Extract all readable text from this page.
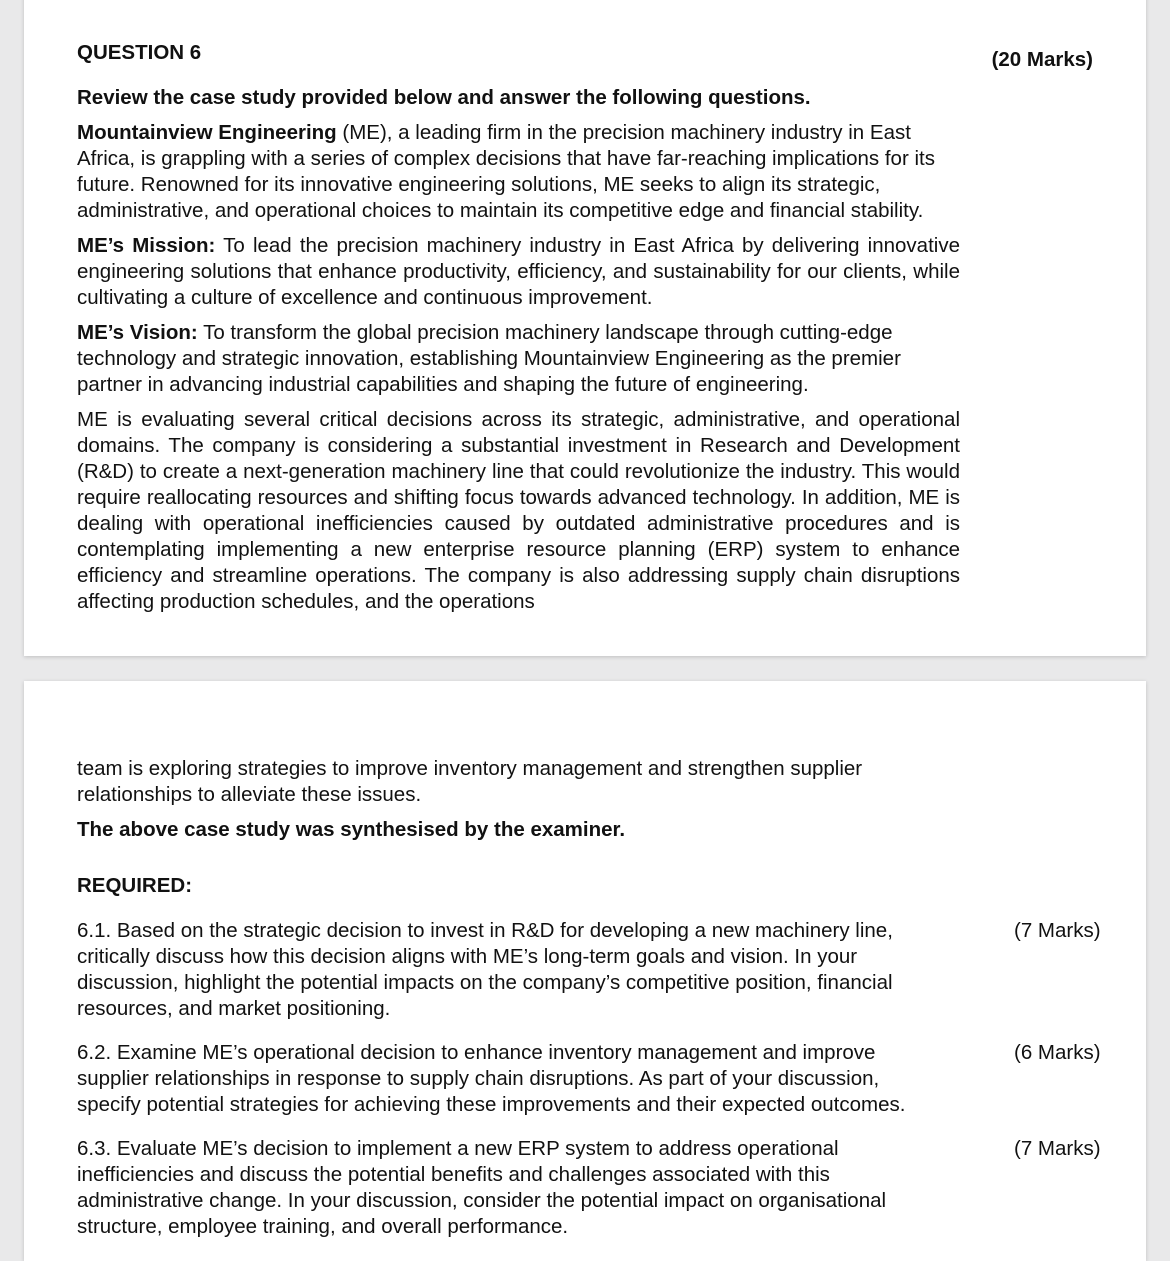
(20 Marks)

QUESTION 6

Review the case study provided below and answer the following questions.

Mountainview Engineering (ME), a leading firm in the precision machinery industry in East Africa, is grappling with a series of complex decisions that have far-reaching implications for its future. Renowned for its innovative engineering solutions, ME seeks to align its strategic, administrative, and operational choices to maintain its competitive edge and financial stability.

ME’s Mission: To lead the precision machinery industry in East Africa by delivering innovative engineering solutions that enhance productivity, efficiency, and sustainability for our clients, while cultivating a culture of excellence and continuous improvement.

ME’s Vision: To transform the global precision machinery landscape through cutting-edge technology and strategic innovation, establishing Mountainview Engineering as the premier partner in advancing industrial capabilities and shaping the future of engineering.

ME is evaluating several critical decisions across its strategic, administrative, and operational domains. The company is considering a substantial investment in Research and Development (R&D) to create a next-generation machinery line that could revolutionize the industry. This would require reallocating resources and shifting focus towards advanced technology. In addition, ME is dealing with operational inefficiencies caused by outdated administrative procedures and is contemplating implementing a new enterprise resource planning (ERP) system to enhance efficiency and streamline operations. The company is also addressing supply chain disruptions affecting production schedules, and the operations

team is exploring strategies to improve inventory management and strengthen supplier relationships to alleviate these issues.

The above case study was synthesised by the examiner.

REQUIRED:

6.1. Based on the strategic decision to invest in R&D for developing a new machinery line, critically discuss how this decision aligns with ME’s long-term goals and vision. In your discussion, highlight the potential impacts on the company’s competitive position, financial resources, and market positioning.

(7 Marks)

6.2. Examine ME’s operational decision to enhance inventory management and improve supplier relationships in response to supply chain disruptions. As part of your discussion, specify potential strategies for achieving these improvements and their expected outcomes.

(6 Marks)

6.3. Evaluate ME’s decision to implement a new ERP system to address operational inefficiencies and discuss the potential benefits and challenges associated with this administrative change. In your discussion, consider the potential impact on organisational structure, employee training, and overall performance.

(7 Marks)
